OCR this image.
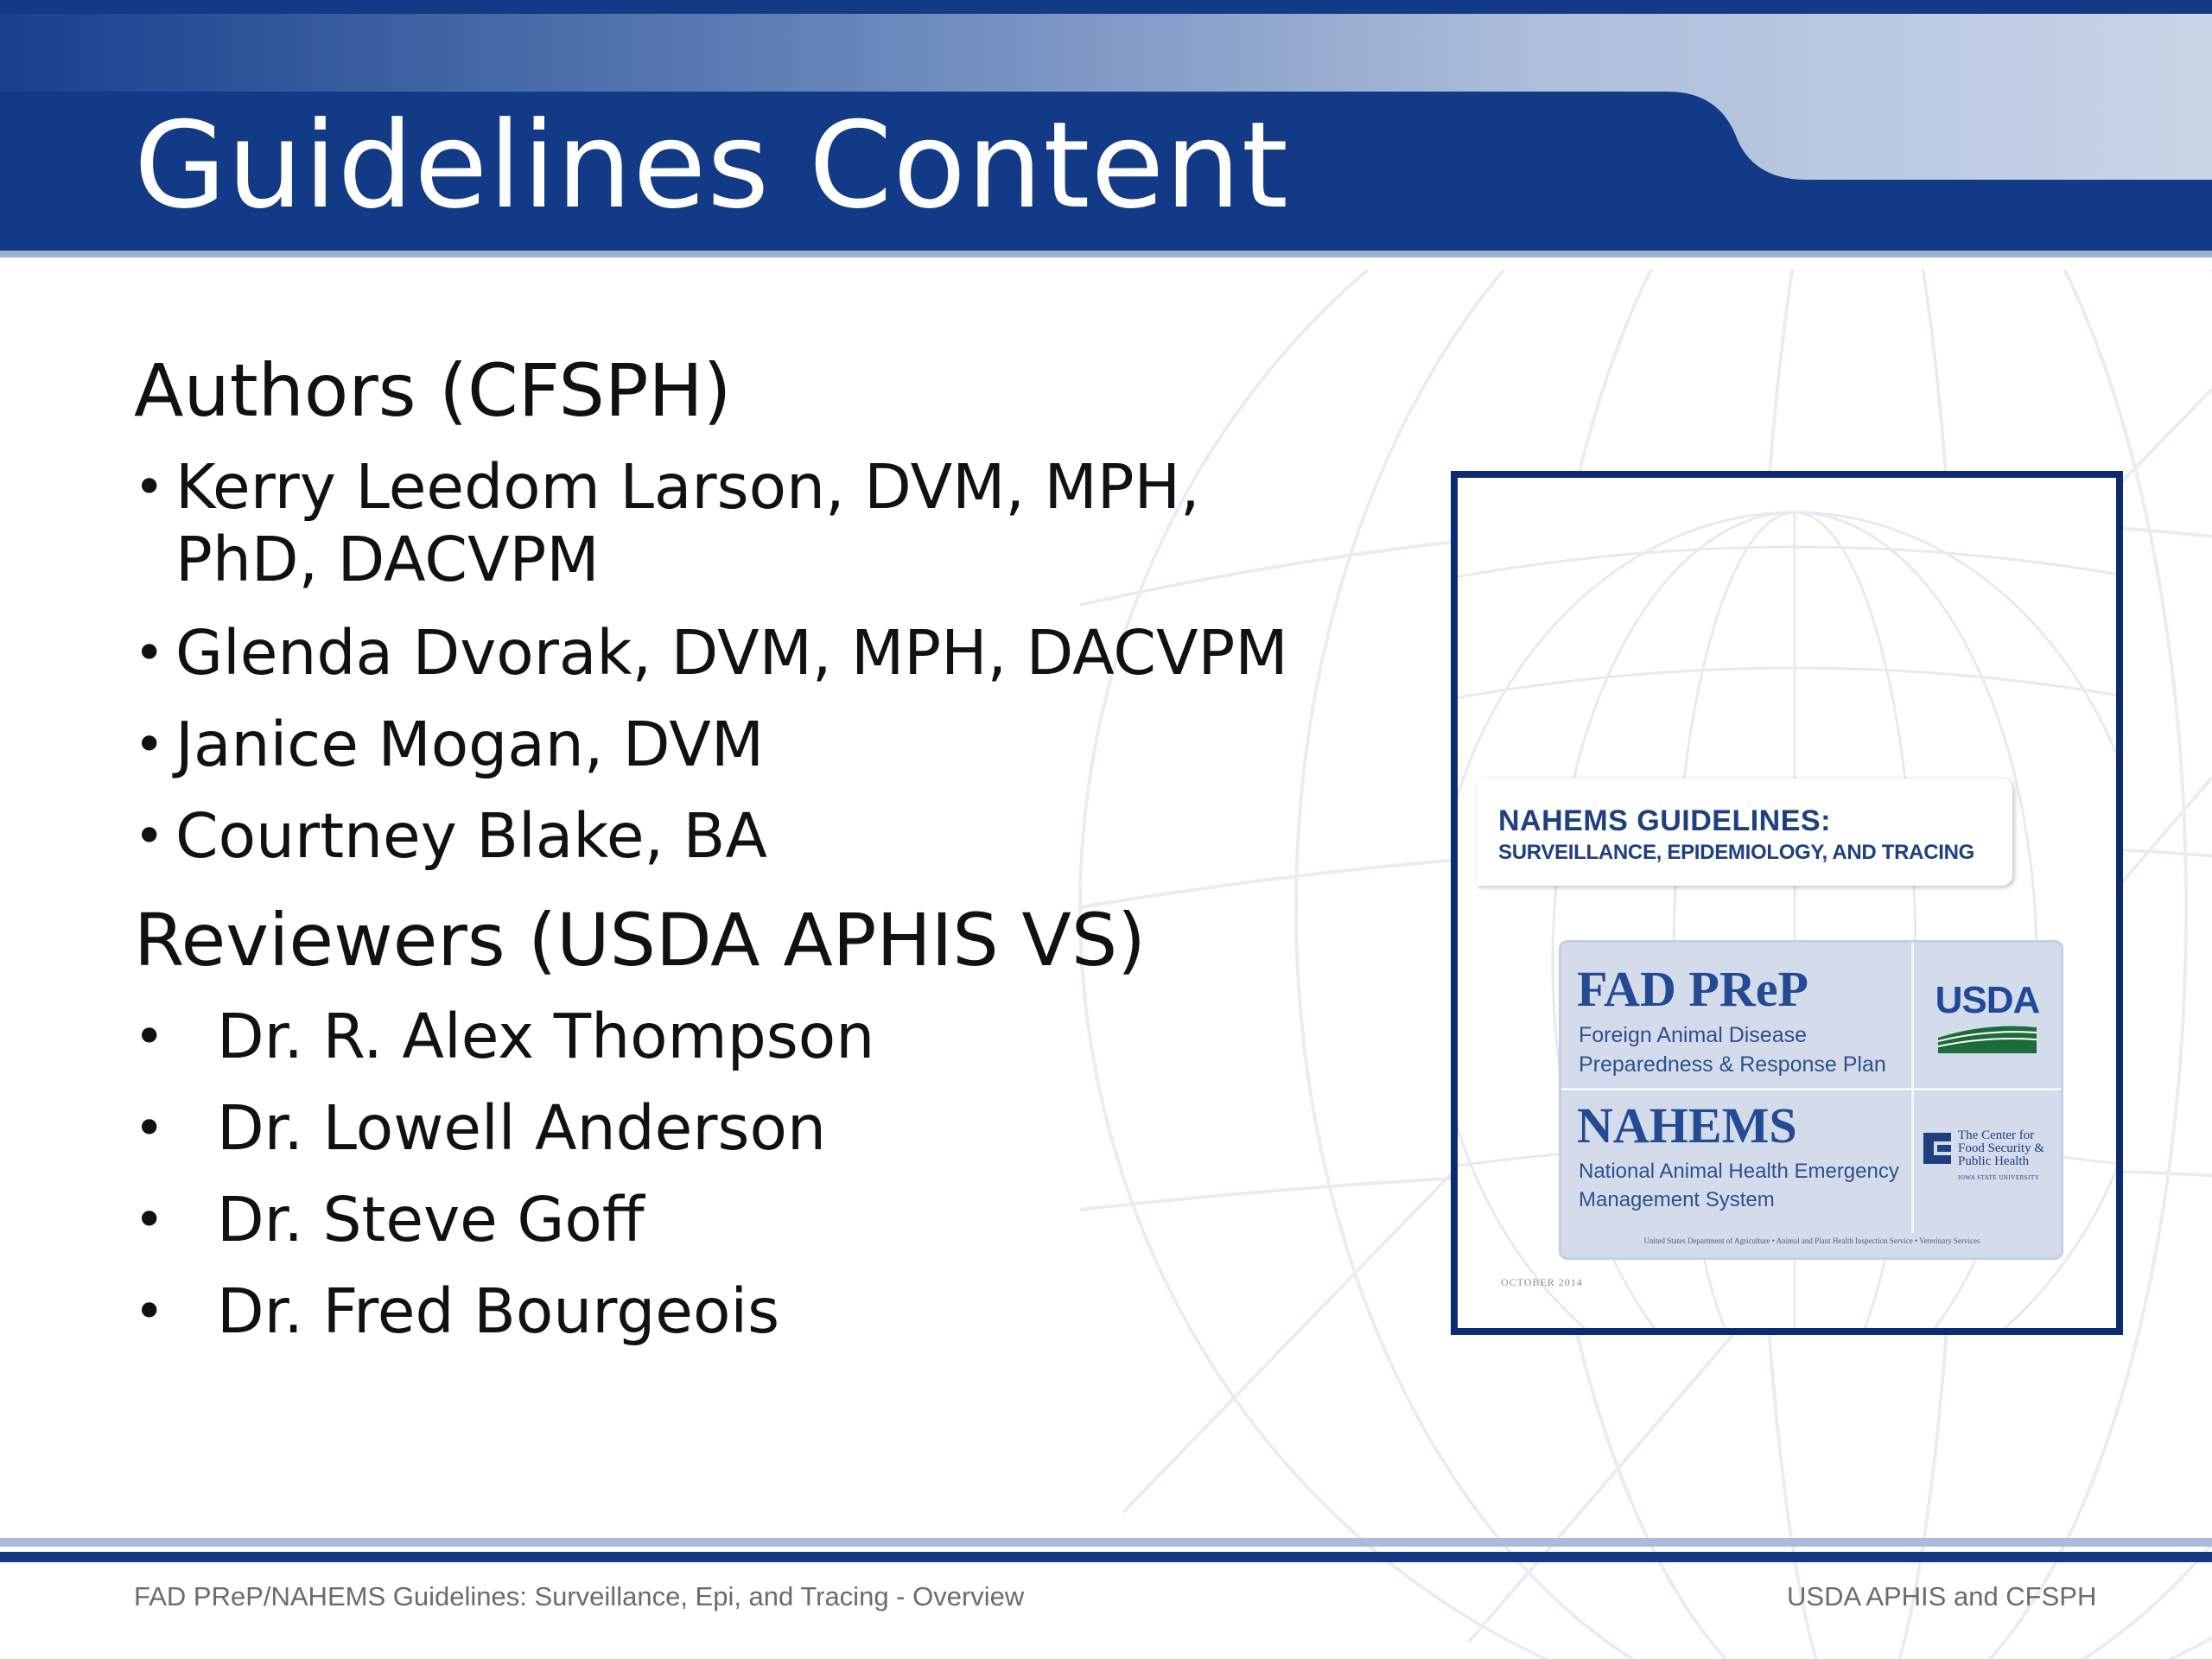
Guidelines Content
Authors (CFSPH)
• Kerry Leedom Larson, DVM, MPH,
PhD, DACVPM
• Glenda Dvorak, DVM, MPH, DACVPM
• Janice Mogan, DVM
• Courtney Blake, BA
Reviewers (USDA APHIS VS)
• Dr. R. Alex Thompson
• Dr. Lowell Anderson
• Dr. Steve Goff
• Dr. Fred Bourgeois
NAHEMS GUIDELINES:
SURVEILLANCE, EPIDEMIOLOGY, AND TRACING
FAD PReP
Foreign Animal Disease Preparedness & Response Plan
NAHEMS
National Animal Health Emergency Management System
USDA
The Center for Food Security & Public Health
IOWA STATE UNIVERSITY
United States Department of Agriculture • Animal and Plant Health Inspection Service • Veterinary Services
OCTOBER 2014
FAD PReP/NAHEMS Guidelines: Surveillance, Epi, and Tracing - Overview	USDA APHIS and CFSPH
